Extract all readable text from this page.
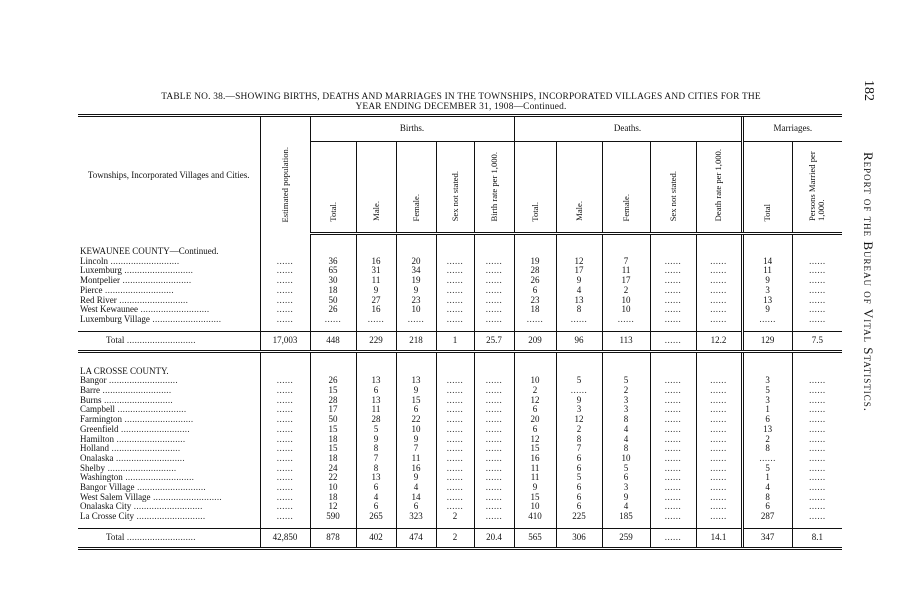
TABLE NO. 38.—SHOWING BIRTHS, DEATHS AND MARRIAGES IN THE TOWNSHIPS, INCORPORATED VILLAGES AND CITIES FOR THE
YEAR ENDING DECEMBER 31, 1908—Continued.
182
Report of the Bureau of Vital Statistics.
Townships, Incorporated Villages and Cities.	Estimated population.	Births.					Deaths.					Marriages.	
		Total.	Male.	Female.	Sex not stated.	Birth rate per 1,000.	Total.	Male.	Female.	Sex not stated.	Death rate per 1,000.	Total	Persons Married per 1,000.

KEWAUNEE COUNTY—Continued.													
Lincoln .....	......	36	16	20	......	......	19	12	7	......	......	14	......
Luxemburg .....	......	65	31	34	......	......	28	17	11	......	......	11	......
Montpelier .....	......	30	11	19	......	......	26	9	17	......	......	9	......
Pierce .....	......	18	9	9	......	......	6	4	2	......	......	3	......
Red River .....	......	50	27	23	......	......	23	13	10	......	......	13	......
West Kewaunee .....	......	26	16	10	......	......	18	8	10	......	......	9	......
Luxemburg Village .....	......	......	......	......	......	......	......	......	......	......	......	......	......

Total .....	17,003	448	229	218	1	25.7	209	96	113	......	12.2	129	7.5

LA CROSSE COUNTY.													
Bangor .....	......	26	13	13	......	......	10	5	5	......	......	3	......
Barre .....	......	15	6	9	......	......	2	......	2	......	......	5	......
Burns .....	......	28	13	15	......	......	12	9	3	......	......	3	......
Campbell .....	......	17	11	6	......	......	6	3	3	......	......	1	......
Farmington .....	......	50	28	22	......	......	20	12	8	......	......	6	......
Greenfield .....	......	15	5	10	......	......	6	2	4	......	......	13	......
Hamilton .....	......	18	9	9	......	......	12	8	4	......	......	2	......
Holland .....	......	15	8	7	......	......	15	7	8	......	......	8	......
Onalaska .....	......	18	7	11	......	......	16	6	10	......	......	......	......
Shelby .....	......	24	8	16	......	......	11	6	5	......	......	5	......
Washington .....	......	22	13	9	......	......	11	5	6	......	......	1	......
Bangor Village .....	......	10	6	4	......	......	9	6	3	......	......	4	......
West Salem Village .....	......	18	4	14	......	......	15	6	9	......	......	8	......
Onalaska City .....	......	12	6	6	......	......	10	6	4	......	......	6	......
La Crosse City .....	......	590	265	323	2	......	410	225	185	......	......	287	......

Total .....	42,850	878	402	474	2	20.4	565	306	259	......	14.1	347	8.1
